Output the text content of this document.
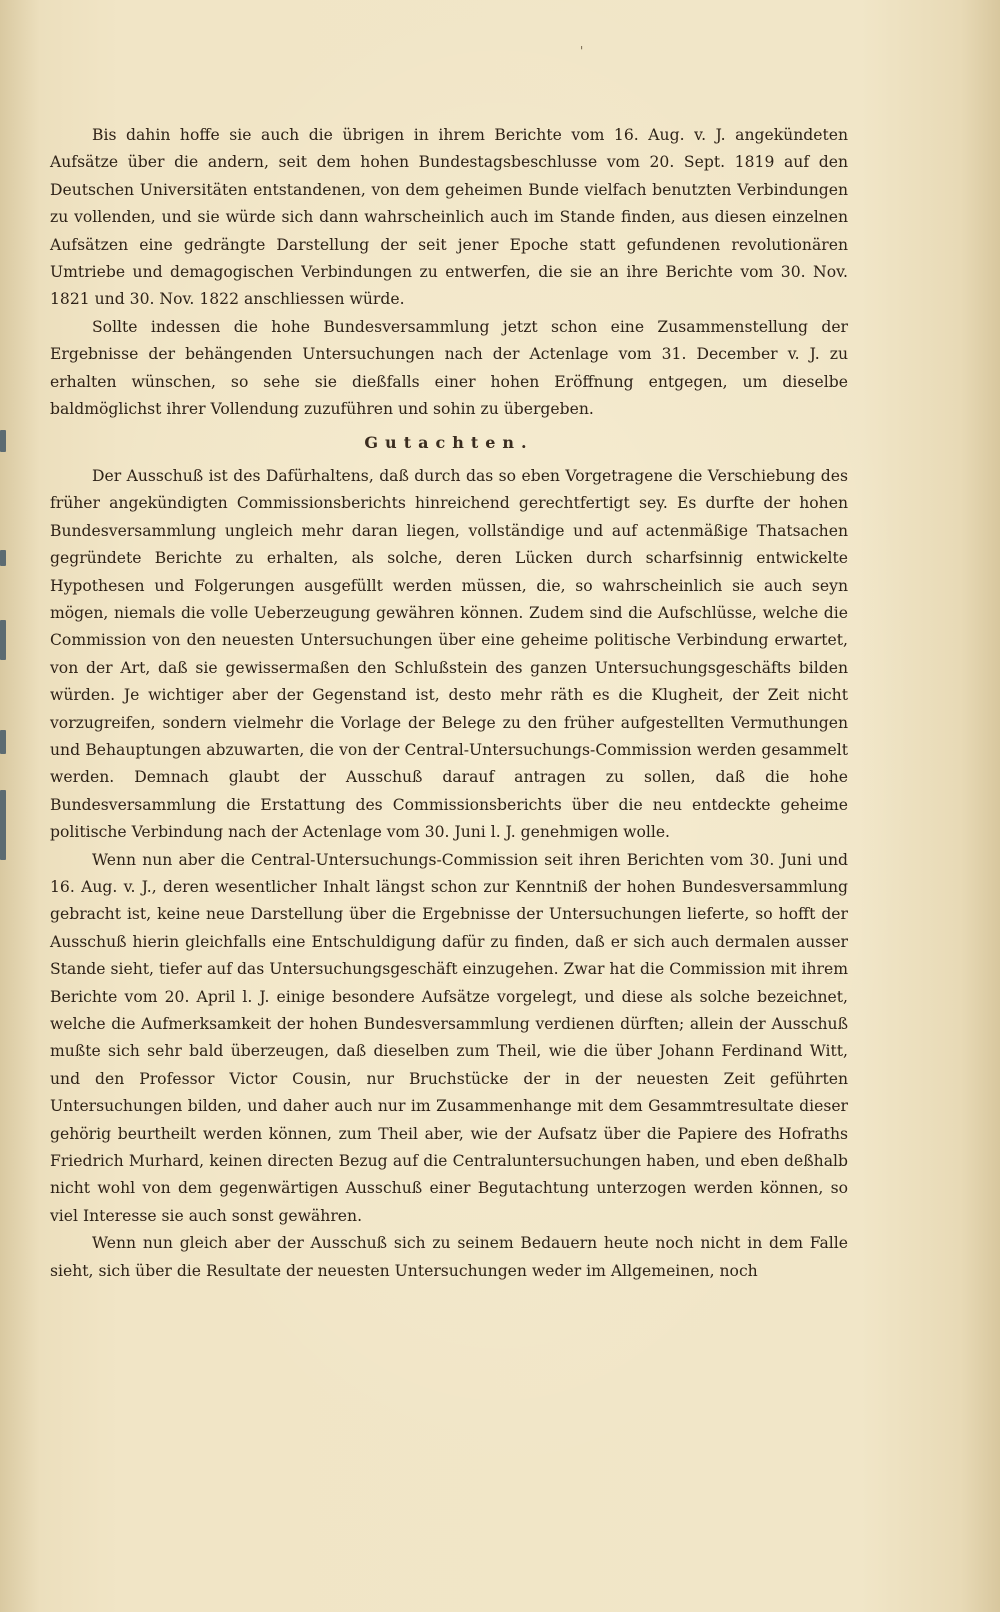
'

Bis dahin hoffe sie auch die übrigen in ihrem Berichte vom 16. Aug. v. J. angekündeten Aufsätze über die andern, seit dem hohen Bundestagsbeschlusse vom 20. Sept. 1819 auf den Deutschen Universitäten entstandenen, von dem geheimen Bunde vielfach benutzten Verbindungen zu vollenden, und sie würde sich dann wahrscheinlich auch im Stande finden, aus diesen einzelnen Aufsätzen eine gedrängte Darstellung der seit jener Epoche statt gefundenen revolutionären Umtriebe und demagogischen Verbindungen zu entwerfen, die sie an ihre Berichte vom 30. Nov. 1821 und 30. Nov. 1822 anschliessen würde.

Sollte indessen die hohe Bundesversammlung jetzt schon eine Zusammenstellung der Ergebnisse der behängenden Untersuchungen nach der Actenlage vom 31. December v. J. zu erhalten wünschen, so sehe sie dießfalls einer hohen Eröffnung entgegen, um dieselbe baldmöglichst ihrer Vollendung zuzuführen und sohin zu übergeben.

Gutachten.

Der Ausschuß ist des Dafürhaltens, daß durch das so eben Vorgetragene die Verschiebung des früher angekündigten Commissionsberichts hinreichend gerechtfertigt sey. Es durfte der hohen Bundesversammlung ungleich mehr daran liegen, vollständige und auf actenmäßige Thatsachen gegründete Berichte zu erhalten, als solche, deren Lücken durch scharfsinnig entwickelte Hypothesen und Folgerungen ausgefüllt werden müssen, die, so wahrscheinlich sie auch seyn mögen, niemals die volle Ueberzeugung gewähren können. Zudem sind die Aufschlüsse, welche die Commission von den neuesten Untersuchungen über eine geheime politische Verbindung erwartet, von der Art, daß sie gewissermaßen den Schlußstein des ganzen Untersuchungsgeschäfts bilden würden. Je wichtiger aber der Gegenstand ist, desto mehr räth es die Klugheit, der Zeit nicht vorzugreifen, sondern vielmehr die Vorlage der Belege zu den früher aufgestellten Vermuthungen und Behauptungen abzuwarten, die von der Central-Untersuchungs-Commission werden gesammelt werden. Demnach glaubt der Ausschuß darauf antragen zu sollen, daß die hohe Bundesversammlung die Erstattung des Commissionsberichts über die neu entdeckte geheime politische Verbindung nach der Actenlage vom 30. Juni l. J. genehmigen wolle.

Wenn nun aber die Central-Untersuchungs-Commission seit ihren Berichten vom 30. Juni und 16. Aug. v. J., deren wesentlicher Inhalt längst schon zur Kenntniß der hohen Bundesversammlung gebracht ist, keine neue Darstellung über die Ergebnisse der Untersuchungen lieferte, so hofft der Ausschuß hierin gleichfalls eine Entschuldigung dafür zu finden, daß er sich auch dermalen ausser Stande sieht, tiefer auf das Untersuchungsgeschäft einzugehen. Zwar hat die Commission mit ihrem Berichte vom 20. April l. J. einige besondere Aufsätze vorgelegt, und diese als solche bezeichnet, welche die Aufmerksamkeit der hohen Bundesversammlung verdienen dürften; allein der Ausschuß mußte sich sehr bald überzeugen, daß dieselben zum Theil, wie die über Johann Ferdinand Witt, und den Professor Victor Cousin, nur Bruchstücke der in der neuesten Zeit geführten Untersuchungen bilden, und daher auch nur im Zusammenhange mit dem Gesammtresultate dieser gehörig beurtheilt werden können, zum Theil aber, wie der Aufsatz über die Papiere des Hofraths Friedrich Murhard, keinen directen Bezug auf die Centraluntersuchungen haben, und eben deßhalb nicht wohl von dem gegenwärtigen Ausschuß einer Begutachtung unterzogen werden können, so viel Interesse sie auch sonst gewähren.

Wenn nun gleich aber der Ausschuß sich zu seinem Bedauern heute noch nicht in dem Falle sieht, sich über die Resultate der neuesten Untersuchungen weder im Allgemeinen, noch
